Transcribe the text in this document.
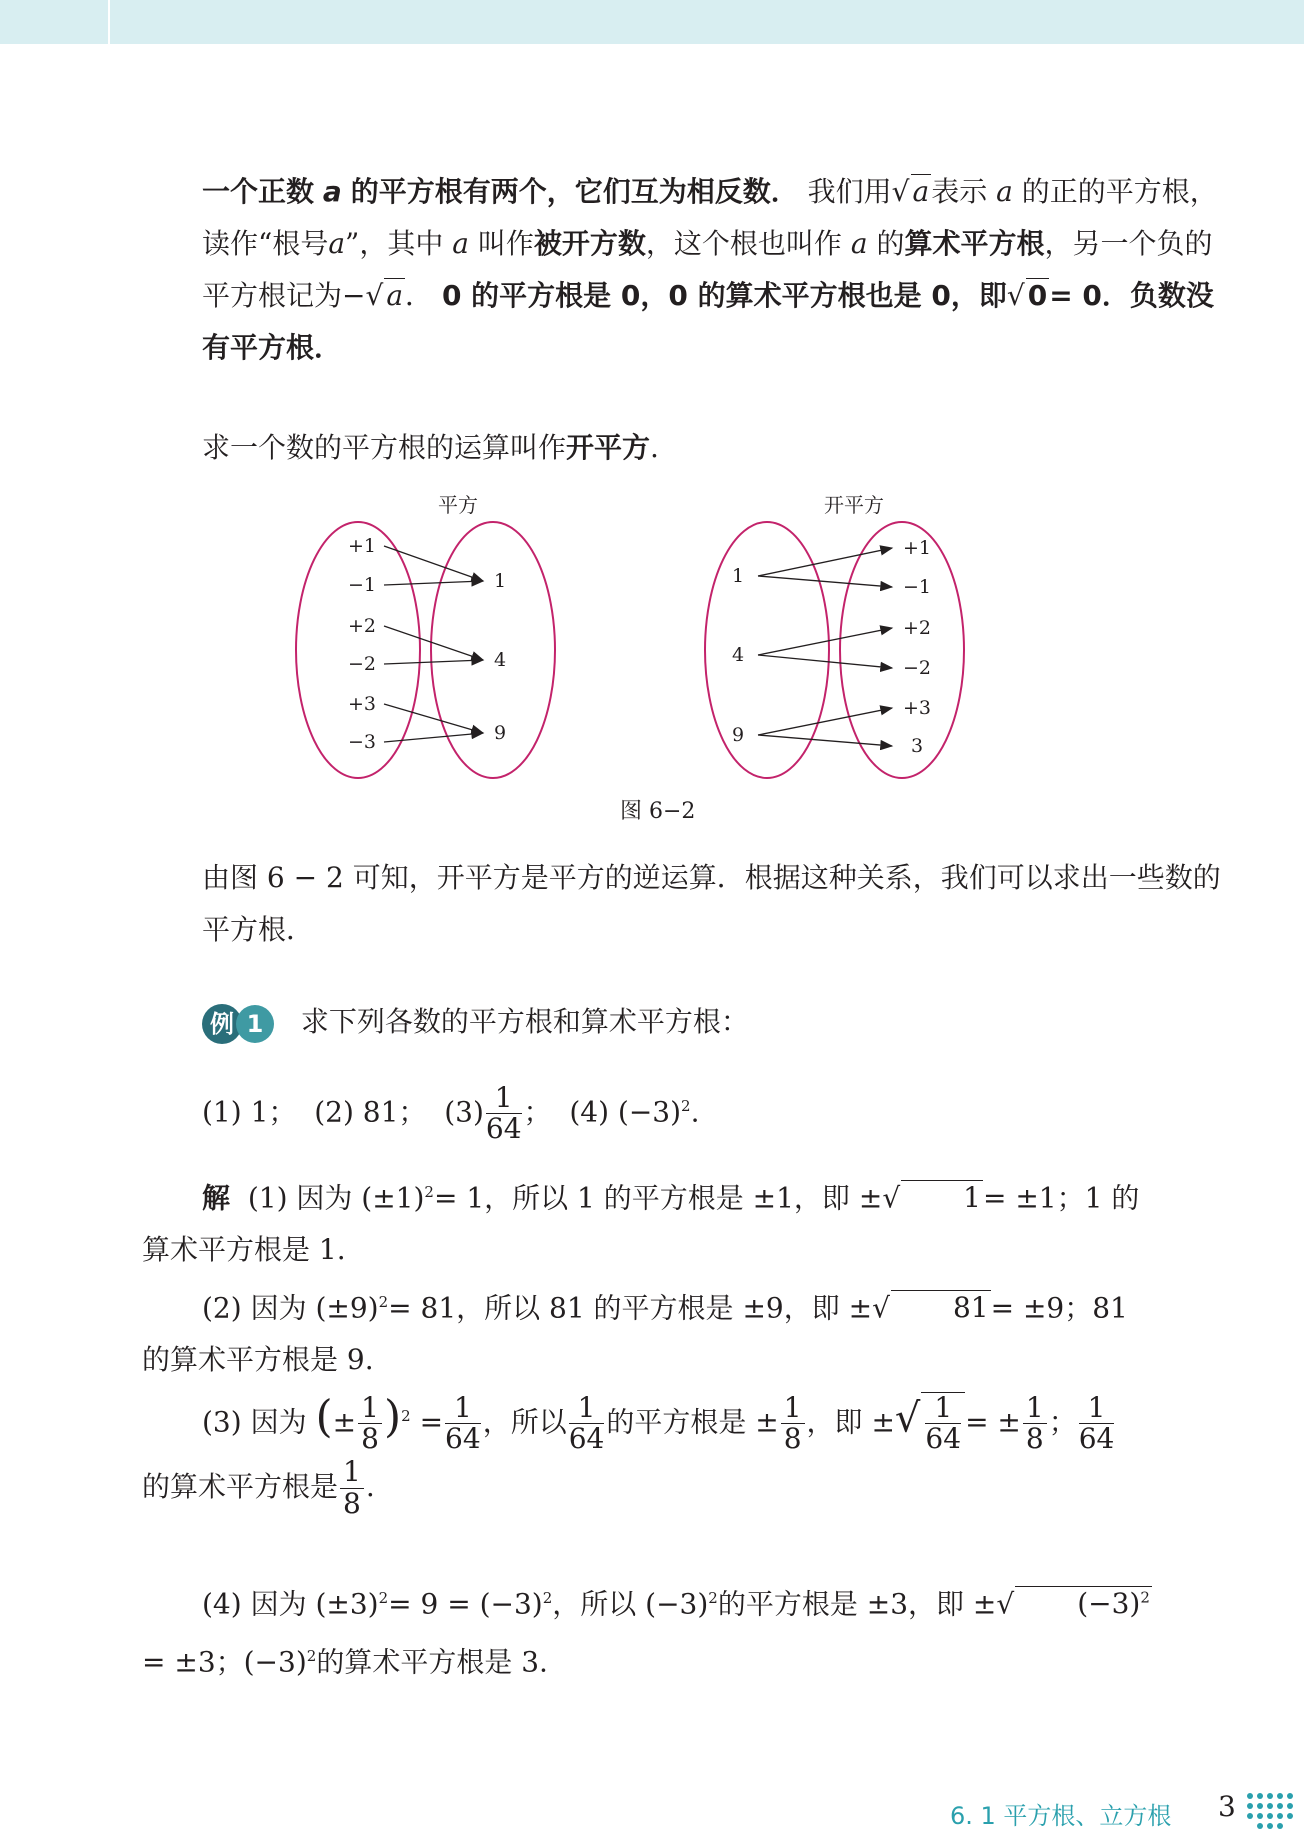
一个正数 a 的平方根有两个，它们互为相反数． 我们用√ a表示 a 的正的平方根，读作“根号a”，其中 a 叫作被开方数，这个根也叫作 a 的算术平方根，另一个负的平方根记为−√ a． 0 的平方根是 0，0 的算术平方根也是 0，即√ 0= 0．负数没有平方根．
求一个数的平方根的运算叫作开平方.
平方	开平方
+1
−1
+2
−2
+3
−3
1
4
9
1
4
9
+1
−1
+2
−2
+3
3
图 6−2
由图 6 − 2 可知，开平方是平方的逆运算．根据这种关系，我们可以求出一些数的平方根．
例 1	求下列各数的平方根和算术平方根：
(1) 1； (2) 81； $(3) \frac{1}{64}$ ； (4) $(-3)^2$.
解 (1) 因为 $(\pm 1)^2= 1$，所以 1 的平方根是 ±1，即 ±√ 1= ±1；1 的算术平方根是 1.
(2) 因为 $(\pm 9)^2= 81$，所以 81 的平方根是 ±9，即 ±√ 81= ±9；81 的算术平方根是 9.
(3) 因为 (± $\frac{1}{8} )^2 = \frac{1}{64}$ ，所以 $\frac{1}{64}$ 的平方根是 ± $\frac{1}{8}$ ，即 ±√ $\frac{1}{64}$ = ± $\frac{1}{8}$ ； $\frac{1}{64}$

的算术平方根是 $\frac{1}{8}$ .
(4) 因为 $(\pm 3)^2= 9 = (-3)^2$，所以 $(-3)^2$的平方根是 ±3，即 ±√ $(-3)^2= \pm 3$；$(-3)^2$的算术平方根是 3.
6. 1 平方根、立方根 3
